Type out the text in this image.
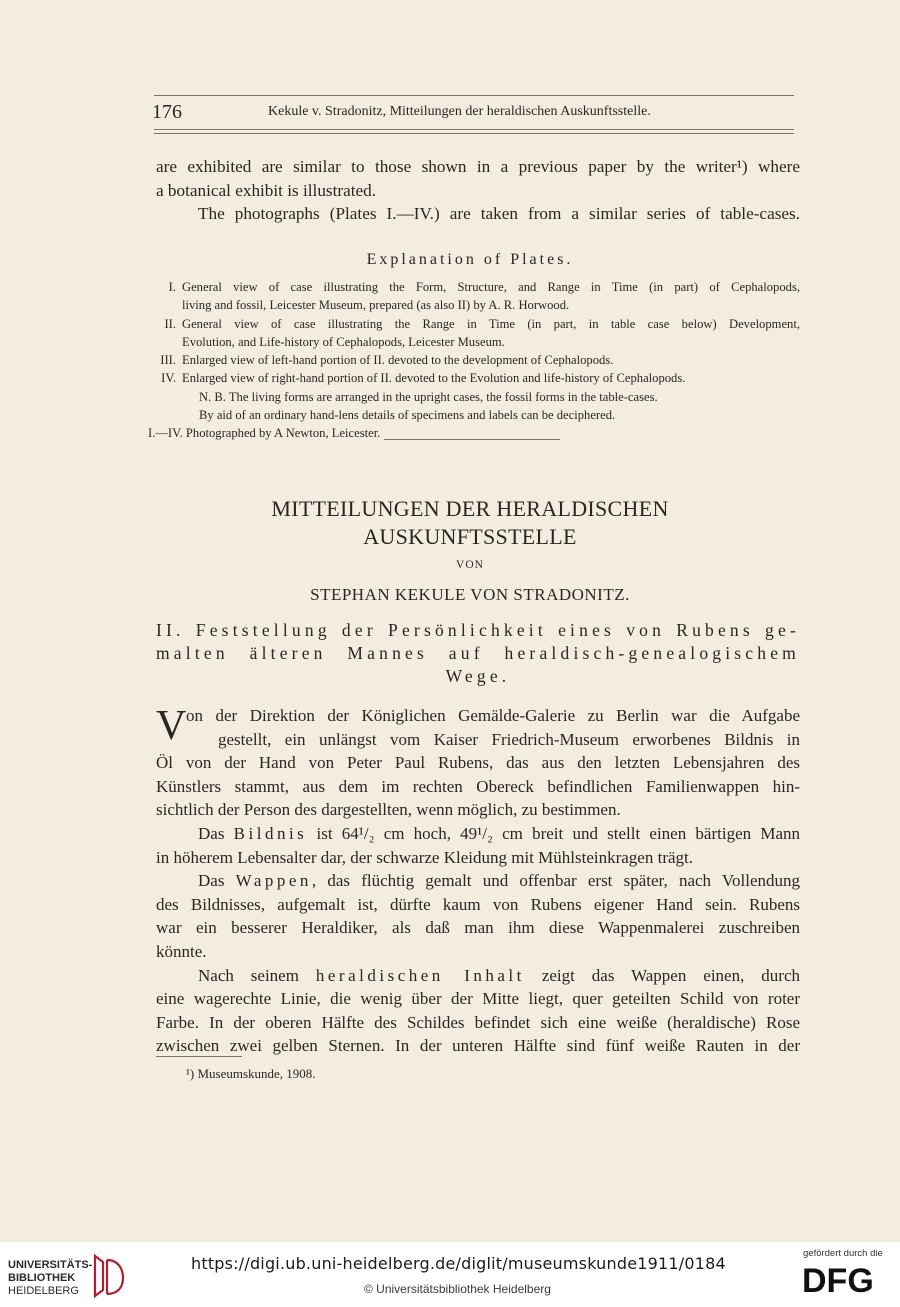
176	Kekule v. Stradonitz, Mitteilungen der heraldischen Auskunftsstelle.
are exhibited are similar to those shown in a previous paper by the writer¹) where
a botanical exhibit is illustrated.
The photographs (Plates I.—IV.) are taken from a similar series of table-cases.
Explanation of Plates.
I. General view of case illustrating the Form, Structure, and Range in Time (in part) of Cephalopods,
living and fossil, Leicester Museum, prepared (as also II) by A. R. Horwood.
II. General view of case illustrating the Range in Time (in part, in table case below) Development,
Evolution, and Life-history of Cephalopods, Leicester Museum.
III. Enlarged view of left-hand portion of II. devoted to the development of Cephalopods.
IV. Enlarged view of right-hand portion of II. devoted to the Evolution and life-history of Cephalopods.
N. B. The living forms are arranged in the upright cases, the fossil forms in the table-cases.
By aid of an ordinary hand-lens details of specimens and labels can be deciphered.
I.—IV. Photographed by A Newton, Leicester.
MITTEILUNGEN DER HERALDISCHEN
AUSKUNFTSSTELLE
VON
STEPHAN KEKULE VON STRADONITZ.
II. Feststellung der Persönlichkeit eines von Rubens ge-
malten älteren Mannes auf heraldisch-genealogischem
Wege.
V on der Direktion der Königlichen Gemälde-Galerie zu Berlin war die Aufgabe
gestellt, ein unlängst vom Kaiser Friedrich-Museum erworbenes Bildnis in
Öl von der Hand von Peter Paul Rubens, das aus den letzten Lebensjahren des
Künstlers stammt, aus dem im rechten Obereck befindlichen Familienwappen hin-
sichtlich der Person des dargestellten, wenn möglich, zu bestimmen.
Das Bildnis ist 64¹/₂ cm hoch, 49¹/₂ cm breit und stellt einen bärtigen Mann
in höherem Lebensalter dar, der schwarze Kleidung mit Mühlsteinkragen trägt.
Das Wappen, das flüchtig gemalt und offenbar erst später, nach Vollendung
des Bildnisses, aufgemalt ist, dürfte kaum von Rubens eigener Hand sein. Rubens
war ein besserer Heraldiker, als daß man ihm diese Wappenmalerei zuschreiben
könnte.
Nach seinem heraldischen Inhalt zeigt das Wappen einen, durch
eine wagerechte Linie, die wenig über der Mitte liegt, quer geteilten Schild von roter
Farbe. In der oberen Hälfte des Schildes befindet sich eine weiße (heraldische) Rose
zwischen zwei gelben Sternen. In der unteren Hälfte sind fünf weiße Rauten in der
¹) Museumskunde, 1908.
UNIVERSITÄTS-
BIBLIOTHEK
HEIDELBERG
https://digi.ub.uni-heidelberg.de/diglit/museumskunde1911/0184
© Universitätsbibliothek Heidelberg
gefördert durch die
DFG
